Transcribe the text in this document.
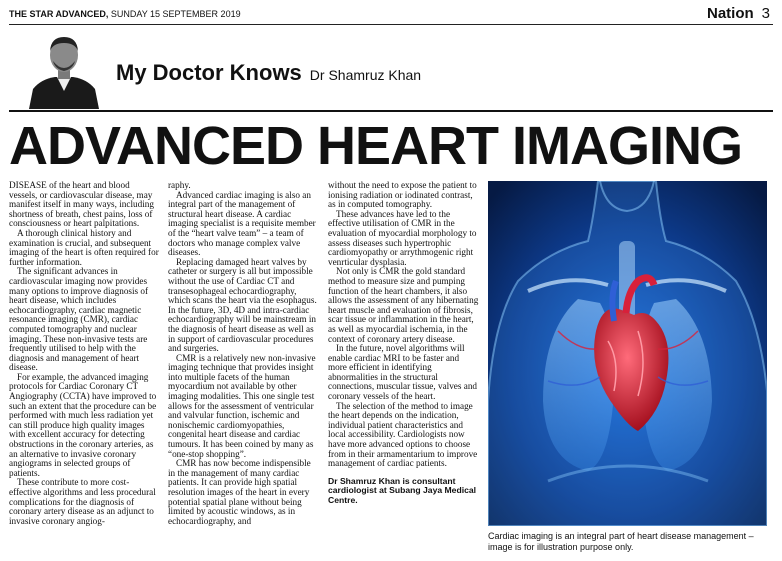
THE STAR ADVANCED, SUNDAY 15 SEPTEMBER 2019	Nation 3
My Doctor Knows Dr Shamruz Khan
ADVANCED HEART IMAGING

DISEASE of the heart and blood vessels, or cardiovascular disease, may manifest itself in many ways, including shortness of breath, chest pains, loss of consciousness or heart palpitations.

A thorough clinical history and examination is crucial, and subsequent imaging of the heart is often required for further information.

The significant advances in cardiovascular imaging now provides many options to improve diagnosis of heart disease, which includes echocardiography, cardiac magnetic resonance imaging (CMR), cardiac computed tomography and nuclear imaging. These non-invasive tests are frequently utilised to help with the diagnosis and management of heart disease.

For example, the advanced imaging protocols for Cardiac Coronary CT Angiography (CCTA) have improved to such an extent that the procedure can be performed with much less radiation yet can still produce high quality images with excellent accuracy for detecting obstructions in the coronary arteries, as an alternative to invasive coronary angiograms in selected groups of patients.

These contribute to more cost-effective algorithms and less procedural complications for the diagnosis of coronary artery disease as an adjunct to invasive coronary angiog-

raphy.

Advanced cardiac imaging is also an integral part of the management of structural heart disease. A cardiac imaging specialist is a requisite member of the “heart valve team” – a team of doctors who manage complex valve diseases.

Replacing damaged heart valves by catheter or surgery is all but impossible without the use of Cardiac CT and transesophageal echocardiography, which scans the heart via the esophagus. In the future, 3D, 4D and intra-cardiac echocardiography will be mainstream in the diagnosis of heart disease as well as in support of cardiovascular procedures and surgeries.

CMR is a relatively new non-invasive imaging technique that provides insight into multiple facets of the human myocardium not available by other imaging modalities. This one single test allows for the assessment of ventricular and valvular function, ischemic and nonischemic cardiomyopathies, congenital heart disease and cardiac tumours. It has been coined by many as “one-stop shopping”.

CMR has now become indispensible in the management of many cardiac patients. It can provide high spatial resolution images of the heart in every potential spatial plane without being limited by acoustic windows, as in echocardiography, and

without the need to expose the patient to ionising radiation or iodinated contrast, as in computed tomography.

These advances have led to the effective utilisation of CMR in the evaluation of myocardial morphology to assess diseases such hypertrophic cardiomyopathy or arrythmogenic right venrticular dysplasia.

Not only is CMR the gold standard method to measure size and pumping function of the heart chambers, it also allows the assessment of any hibernating heart muscle and evaluation of fibrosis, scar tissue or inflammation in the heart, as well as myocardial ischemia, in the context of coronary artery disease.

In the future, novel algorithms will enable cardiac MRI to be faster and more efficient in identifying abnormalities in the structural connections, muscular tissue, valves and coronary vessels of the heart.

The selection of the method to image the heart depends on the indication, individual patient characteristics and local accessibility. Cardiologists now have more advanced options to choose from in their armamentarium to improve management of cardiac patients.

Dr Shamruz Khan is consultant cardiologist at Subang Jaya Medical Centre.

Cardiac imaging is an integral part of heart disease management – image is for illustration purpose only.
